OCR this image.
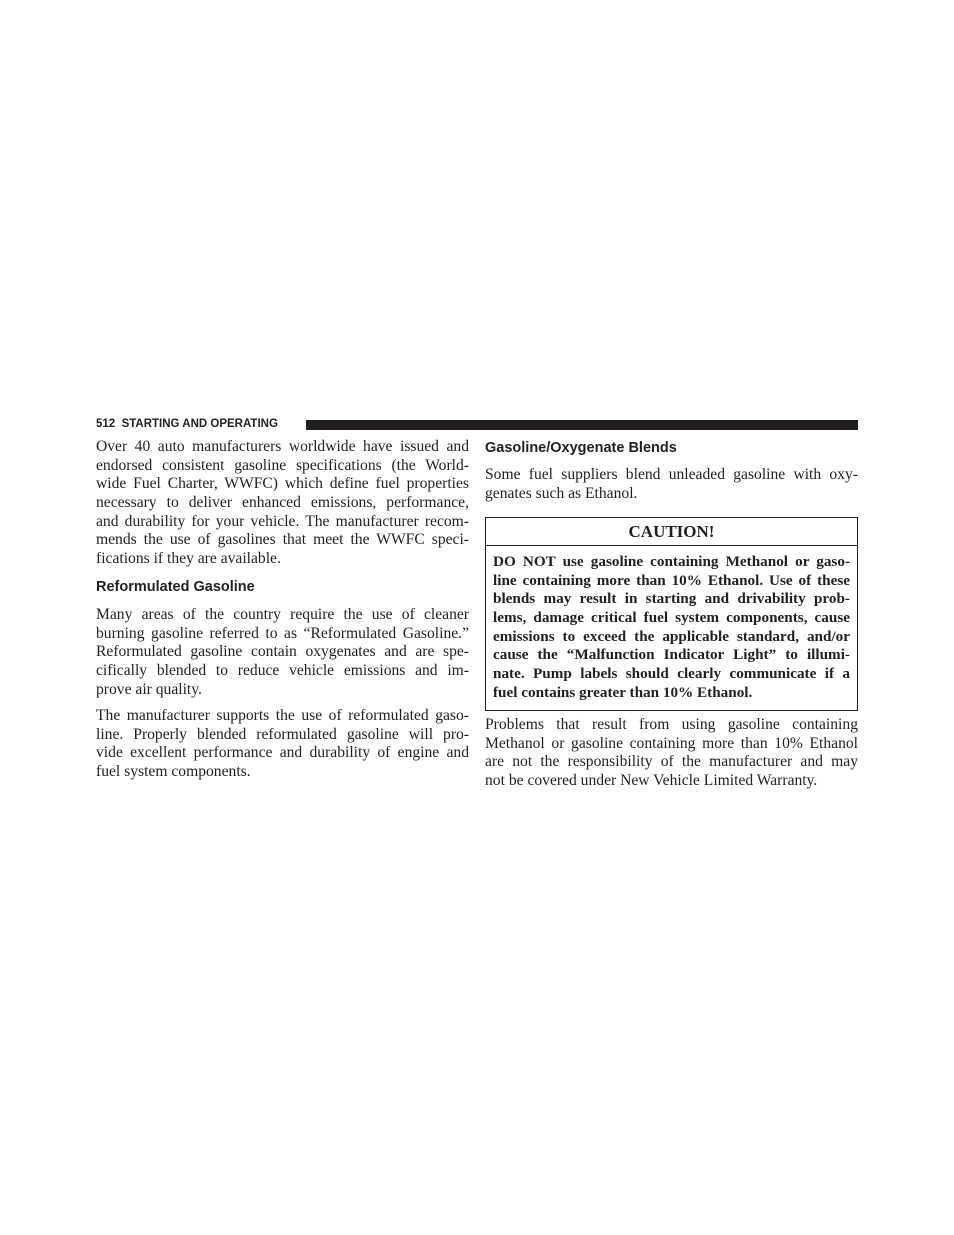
512 STARTING AND OPERATING
Over 40 auto manufacturers worldwide have issued and
endorsed consistent gasoline specifications (the World-
wide Fuel Charter, WWFC) which define fuel properties
necessary to deliver enhanced emissions, performance,
and durability for your vehicle. The manufacturer recom-
mends the use of gasolines that meet the WWFC speci-
fications if they are available.
Reformulated Gasoline
Many areas of the country require the use of cleaner
burning gasoline referred to as “Reformulated Gasoline.”
Reformulated gasoline contain oxygenates and are spe-
cifically blended to reduce vehicle emissions and im-
prove air quality.
The manufacturer supports the use of reformulated gaso-
line. Properly blended reformulated gasoline will pro-
vide excellent performance and durability of engine and
fuel system components.
Gasoline/Oxygenate Blends
Some fuel suppliers blend unleaded gasoline with oxy-
genates such as Ethanol.
CAUTION!
DO NOT use gasoline containing Methanol or gaso-
line containing more than 10% Ethanol. Use of these
blends may result in starting and drivability prob-
lems, damage critical fuel system components, cause
emissions to exceed the applicable standard, and/or
cause the “Malfunction Indicator Light” to illumi-
nate. Pump labels should clearly communicate if a
fuel contains greater than 10% Ethanol.
Problems that result from using gasoline containing
Methanol or gasoline containing more than 10% Ethanol
are not the responsibility of the manufacturer and may
not be covered under New Vehicle Limited Warranty.
